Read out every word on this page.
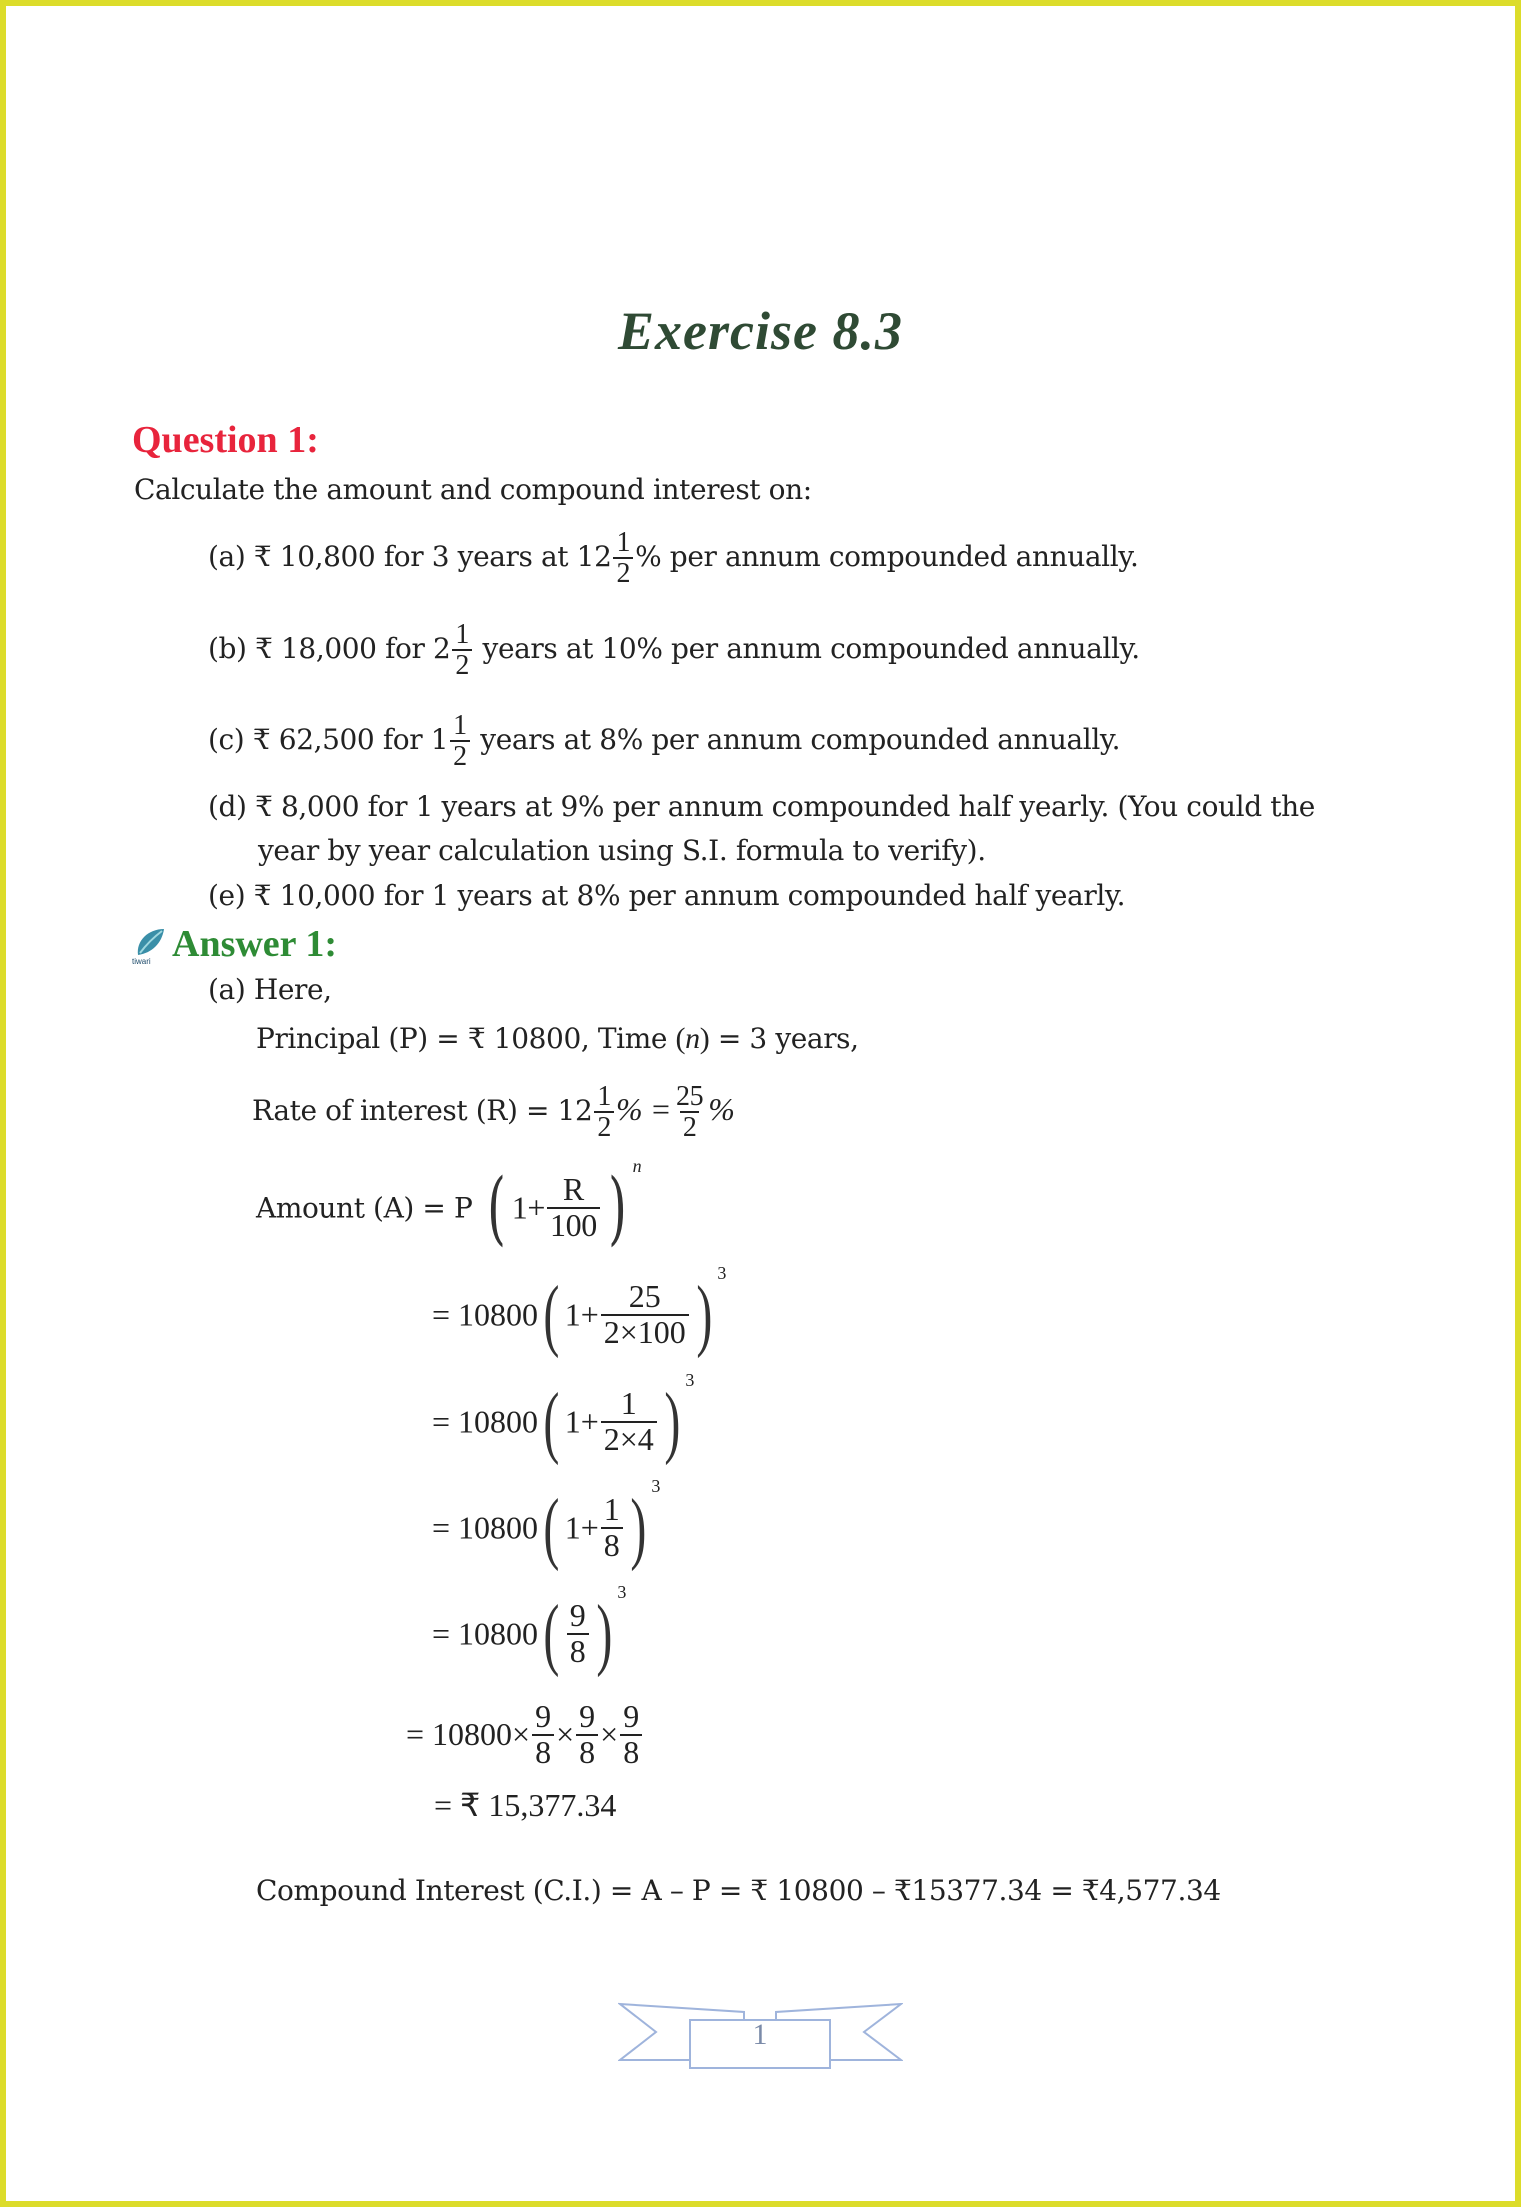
Exercise 8.3
Question 1:
Calculate the amount and compound interest on:
(a) ₹ 10,800 for 3 years at $12 \frac{1}{2}$ % per annum compounded annually.
(b) ₹ 18,000 for $2 \frac{1}{2}$ years at 10% per annum compounded annually.
(c) ₹ 62,500 for $1 \frac{1}{2}$ years at 8% per annum compounded annually.
(d) ₹ 8,000 for 1 years at 9% per annum compounded half yearly. (You could the
year by year calculation using S.I. formula to verify).
(e) ₹ 10,000 for 1 years at 8% per annum compounded half yearly.
tiwari Answer 1:
(a) Here,
Principal (P) = ₹ 10800, Time (n) = 3 years,
Rate of interest $(R) = 12 \frac{1}{2}$ % = $\frac{25}{2}$ %
Amount (A) = P ( $1+ \frac{R}{100}$ ) $^n$
= 10800( $1+ \frac{25}{2\times 100}$ ) $^3$
= 10800( $1+ \frac{1}{2\times 4}$ ) $^3$
= 10800( $1+ \frac{1}{8}$ ) $^3$
= $10800( \frac{9}{8}$ ) $^3$
= $10800\times \frac{9}{8} \times \frac{9}{8} \times \frac{9}{8}$
= ₹ 15,377.34
Compound Interest (C.I.) = A – P = ₹ 10800 – ₹15377.34 = ₹4,577.34
1
